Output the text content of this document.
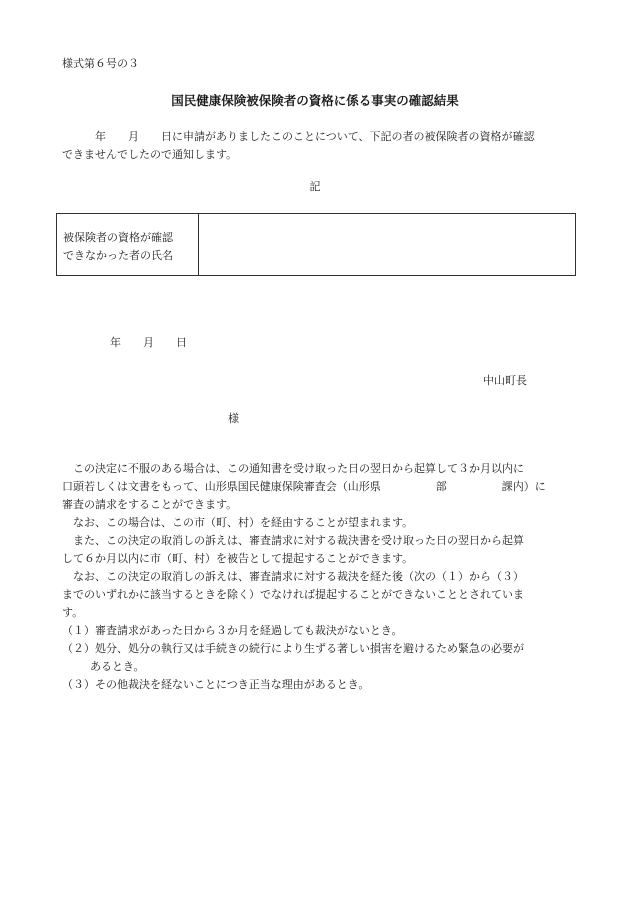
様式第６号の３
国民健康保険被保険者の資格に係る事実の確認結果
　　　年　　月　　日に申請がありましたこのことについて、下記の者の被保険者の資格が確認
できませんでしたので通知します。
記
被保険者の資格が確認
できなかった者の氏名
年　　月　　日
中山町長
様
　この決定に不服のある場合は、この通知書を受け取った日の翌日から起算して３か月以内に
口頭若しくは文書をもって、山形県国民健康保険審査会（山形県　　　　　部　　　　　課内）に
審査の請求をすることができます。
　なお、この場合は、この市（町、村）を経由することが望まれます。
　また、この決定の取消しの訴えは、審査請求に対する裁決書を受け取った日の翌日から起算
して６か月以内に市（町、村）を被告として提起することができます。
　なお、この決定の取消しの訴えは、審査請求に対する裁決を経た後（次の（１）から（３）
までのいずれかに該当するときを除く）でなければ提起することができないこととされていま
す。
（１）審査請求があった日から３か月を経過しても裁決がないとき。
（２）処分、処分の執行又は手続きの続行により生ずる著しい損害を避けるため緊急の必要が
あるとき。
（３）その他裁決を経ないことにつき正当な理由があるとき。
